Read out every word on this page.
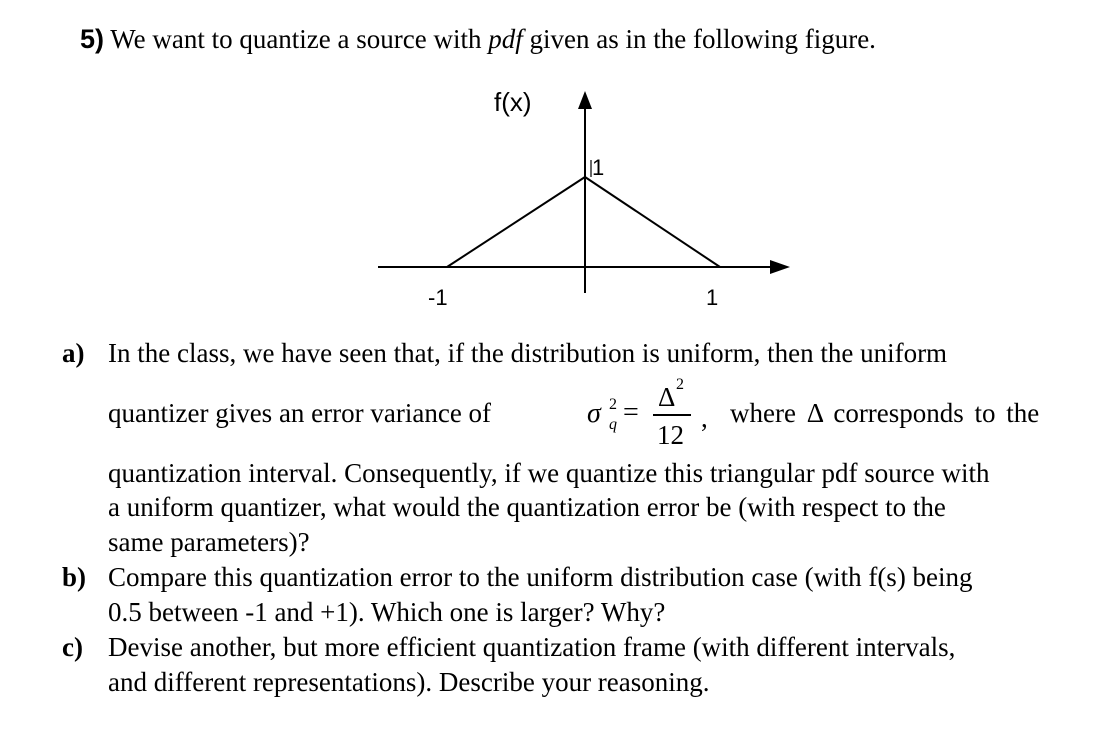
5) We want to quantize a source with pdf given as in the following figure.
f(x)
1
-1	1
a) In the class, we have seen that, if the distribution is uniform, then the uniform
quantizer gives an error variance of	σ 2
q = Δ 2
12
, where Δ corresponds to the
quantization interval. Consequently, if we quantize this triangular pdf source with
a uniform quantizer, what would the quantization error be (with respect to the
same parameters)?
b) Compare this quantization error to the uniform distribution case (with f(s) being
0.5 between -1 and +1). Which one is larger? Why?
c) Devise another, but more efficient quantization frame (with different intervals,
and different representations). Describe your reasoning.
